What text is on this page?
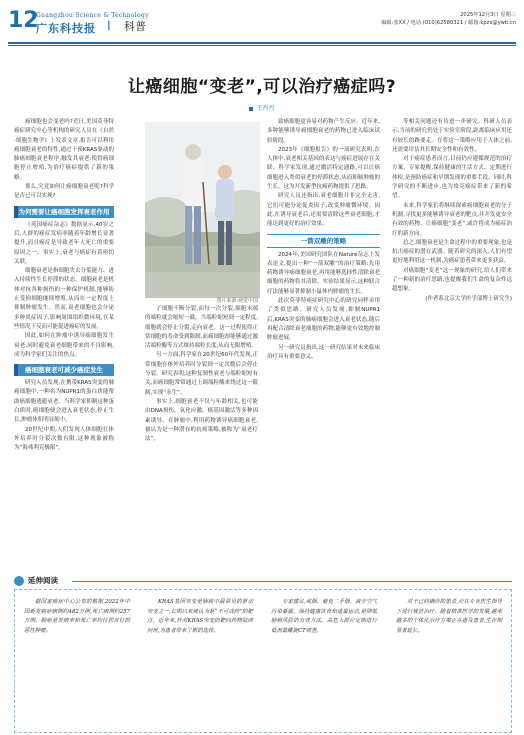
12
Guangzhou Science & Technology
广东科技报 | 科普
2025年12月3日 星期三
编辑:张XX / 电话:(010)62580321 / 邮箱:kpzx@ywb.cn
让癌细胞“变老”,可以治疗癌症吗?
王丹丹

癌细胞也会变老吗?近日,美国莫菲特癌症研究中心等机构的研究人员在《自然·细胞生物学》上发表文章,报告可以利用癌细胞衰老的特性,通过干预KRAS驱动的肺癌细胞衰老程序,触发其衰老,使得癌细胞停止增殖,为治疗癌症提供了新的策略。

那么,究竟如何让癌细胞衰老呢?科学是否已可以实现?

为何需要让癌细胞发挥衰老作用

《英国癌症杂志》数据显示,40岁之后,人群的癌症发病率随着年龄增长显著提升,而且癌症是导致老年人死亡的重要原因之一。事实上,衰老与癌症有着密切关联。

细胞衰老是指细胞失去分裂能力、进入持续性生长停滞的状态。细胞衰老是机体对抗各种损伤的一种保护机制,能够防止受损细胞继续增殖,从而在一定程度上抑制肿瘤发生。然而,衰老细胞也会分泌多种炎症因子,影响周围组织微环境,在某些情况下反而可能促进癌症的发展。

因此,如何在肿瘤中诱导癌细胞发生衰老,同时避免衰老细胞带来的不良影响,成为科学家们关注的焦点。

癌细胞衰老可减少癌症发生

研究人员发现,在携带KRAS突变的肺癌细胞中,一种名为NUPR1的蛋白质能帮助癌细胞逃避衰老。当科学家抑制这种蛋白质时,癌细胞便会进入衰老状态,停止生长,肿瘤体积明显缩小。

20世纪中期,人们发现人体细胞在体外培养时分裂次数有限,这种现象被称为“海弗利克极限”。

图片来源:视觉中国

子细胞不断分裂,而每一次分裂,细胞末端的端粒就会缩短一截。当端粒缩短到一定程度,细胞就会停止分裂,走向衰老。这一过程使得正常细胞的寿命受到限制,而癌细胞却能够通过激活端粒酶等方式维持端粒长度,从而无限增殖。

另一方面,科学家在20世纪60年代发现,正常细胞在体外培养时分裂到一定次数后会停止分裂。研究表明,这种复制性衰老与端粒缩短有关,而癌细胞常常通过上调端粒酶来绕过这一限制,实现“永生”。

事实上,细胞衰老不仅与年龄相关,也可能由DNA损伤、氧化应激、癌基因激活等多种因素诱导。在肿瘤中,利用药物诱导癌细胞衰老,被认为是一种潜在的抗癌策略,被称为“衰老疗法”。

致癌细胞更容易对药物产生反应。近年来,多种能够诱导癌细胞衰老的药物已进入临床试验阶段。

2023年《细胞报告》的一项研究表明,在人体中,衰老相关基因的表达与癌症进展存在关联。科学家发现,通过激活特定通路,可以让癌细胞进入类似衰老的停滞状态,从而抑制肿瘤的生长。这为开发新型抗癌药物提供了思路。

研究人员还指出,衰老细胞并非完全无害,它们可能分泌促炎因子,改变肿瘤微环境。因此,在诱导衰老后,还需要清除这些衰老细胞,才能达到更好的治疗效果。

一箭双雕的策略

2024年,美国研究团队在Nature杂志上发表论文,提出一种“一箭双雕”的治疗策略:先用药物诱导癌细胞衰老,再用能够选择性清除衰老细胞的药物将其清除。实验结果显示,这种联合疗法能够显著抑制小鼠体内肿瘤的生长。

此次莫菲特癌症研究中心的研究同样采用了类似思路。研究人员发现,抑制NUPR1后,KRAS突变的肺癌细胞会进入衰老状态,随后再配合清除衰老细胞的药物,能够更有效地控制肿瘤进展。

另一研究员指出,这一研究结果对未来临床治疗具有重要意义。

等相关问题还有待进一步研究。科研人员表示,当前的研究仍处于实验室阶段,距离临床应用还有较长的路要走。在将这一策略应用于人体之前,还需要评估其长期安全性和有效性。

对于癌症患者而言,目前仍应遵循规范的治疗方案。专家提醒,保持健康的生活方式、定期进行体检,是预防癌症和早期发现的重要手段。同时,科学研究的不断进步,也为攻克癌症带来了新的希望。

未来,科学家们将继续探索癌细胞衰老的分子机制,寻找更多能够诱导衰老的靶点,并开发更安全有效的药物。让癌细胞“变老”,或许将成为癌症治疗的新方向。

总之,细胞衰老是生命过程中的重要现象,也是抗击癌症的潜在武器。随着研究的深入,人们有望更好地利用这一机制,为癌症患者带来更多获益。

对癌细胞“变老”这一现象的研究,给人们带来了一种新的治疗思路,也提醒我们生命的复杂性远超想象。

(作者系北京大学医学部博士研究生)

延伸阅读

据国家癌症中心公布的数据,2022年中国新发癌症病例约482万例,死亡病例约257万例。肺癌是发病率和死亡率均位居首位的恶性肿瘤。

KRAS基因突变是肺癌中最常见的驱动突变之一,长期以来被认为是“不可成药”的靶点。近年来,针对KRAS突变的靶向药物陆续问世,为患者带来了新的选择。

专家建议,戒烟、避免二手烟、减少空气污染暴露、保持健康饮食和适量运动,是降低肺癌风险的有效方法。高危人群应定期进行低剂量螺旋CT筛查。

对于已经确诊的患者,应在专业医生指导下进行规范治疗。随着精准医学的发展,越来越多的个体化治疗方案正在惠及患者,生存期显著延长。
